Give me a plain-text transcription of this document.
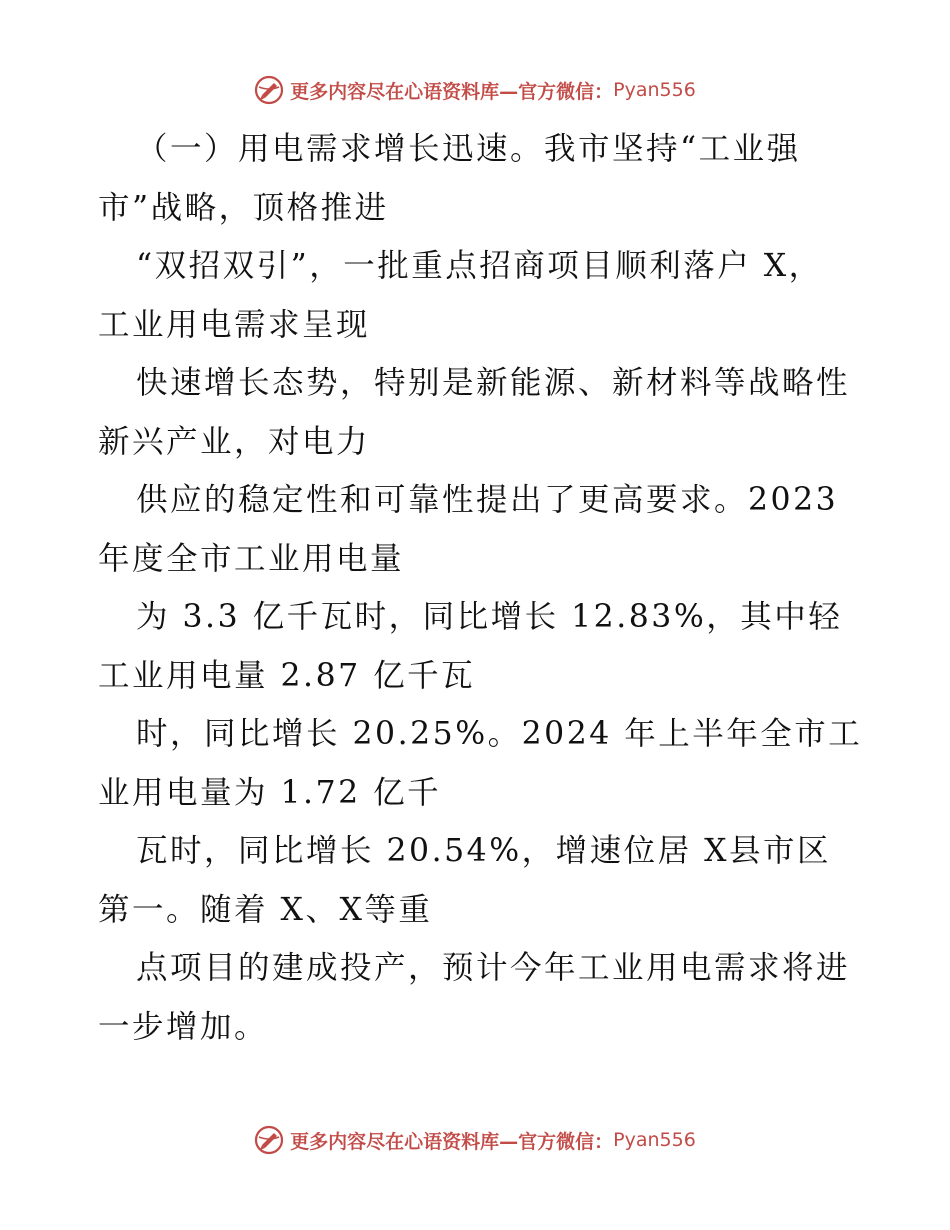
更多内容尽在心语资料库—官方微信： Pyan556
（一）用电需求增长迅速。我市坚持“工业强
市”战略，顶格推进
“双招双引”，一批重点招商项目顺利落户 X，
工业用电需求呈现
快速增长态势，特别是新能源、新材料等战略性
新兴产业，对电力
供应的稳定性和可靠性提出了更高要求。2023
年度全市工业用电量
为 3.3 亿千瓦时，同比增长 12.83%，其中轻
工业用电量 2.87 亿千瓦
时，同比增长 20.25%。2024 年上半年全市工
业用电量为 1.72 亿千
瓦时，同比增长 20.54%，增速位居 X县市区
第一。随着 X、X等重
点项目的建成投产，预计今年工业用电需求将进
一步增加。
更多内容尽在心语资料库—官方微信： Pyan556
